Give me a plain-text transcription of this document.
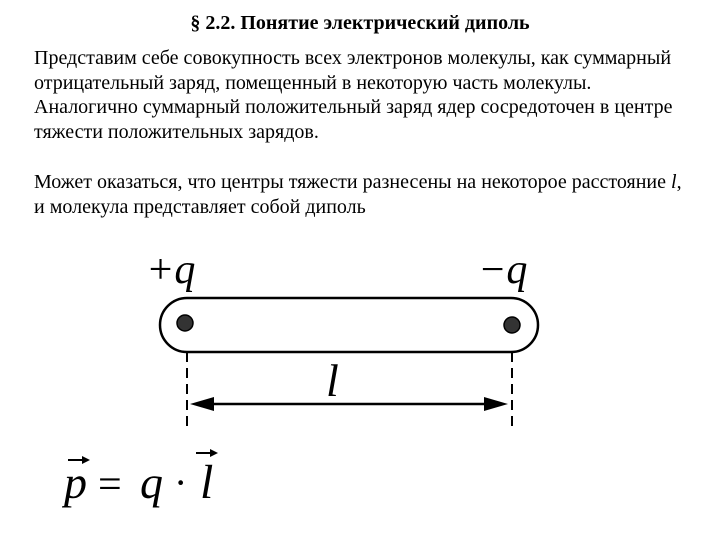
§ 2.2. Понятие электрический диполь
Представим себе совокупность всех электронов молекулы, как суммарный отрицательный заряд, помещенный в некоторую часть молекулы. Аналогично суммарный положительный заряд ядер сосредоточен в центре тяжести положительных зарядов.
Может оказаться, что центры тяжести разнесены на некоторое расстояние l, и молекула представляет собой диполь
+q	−q
l
p = q · l
